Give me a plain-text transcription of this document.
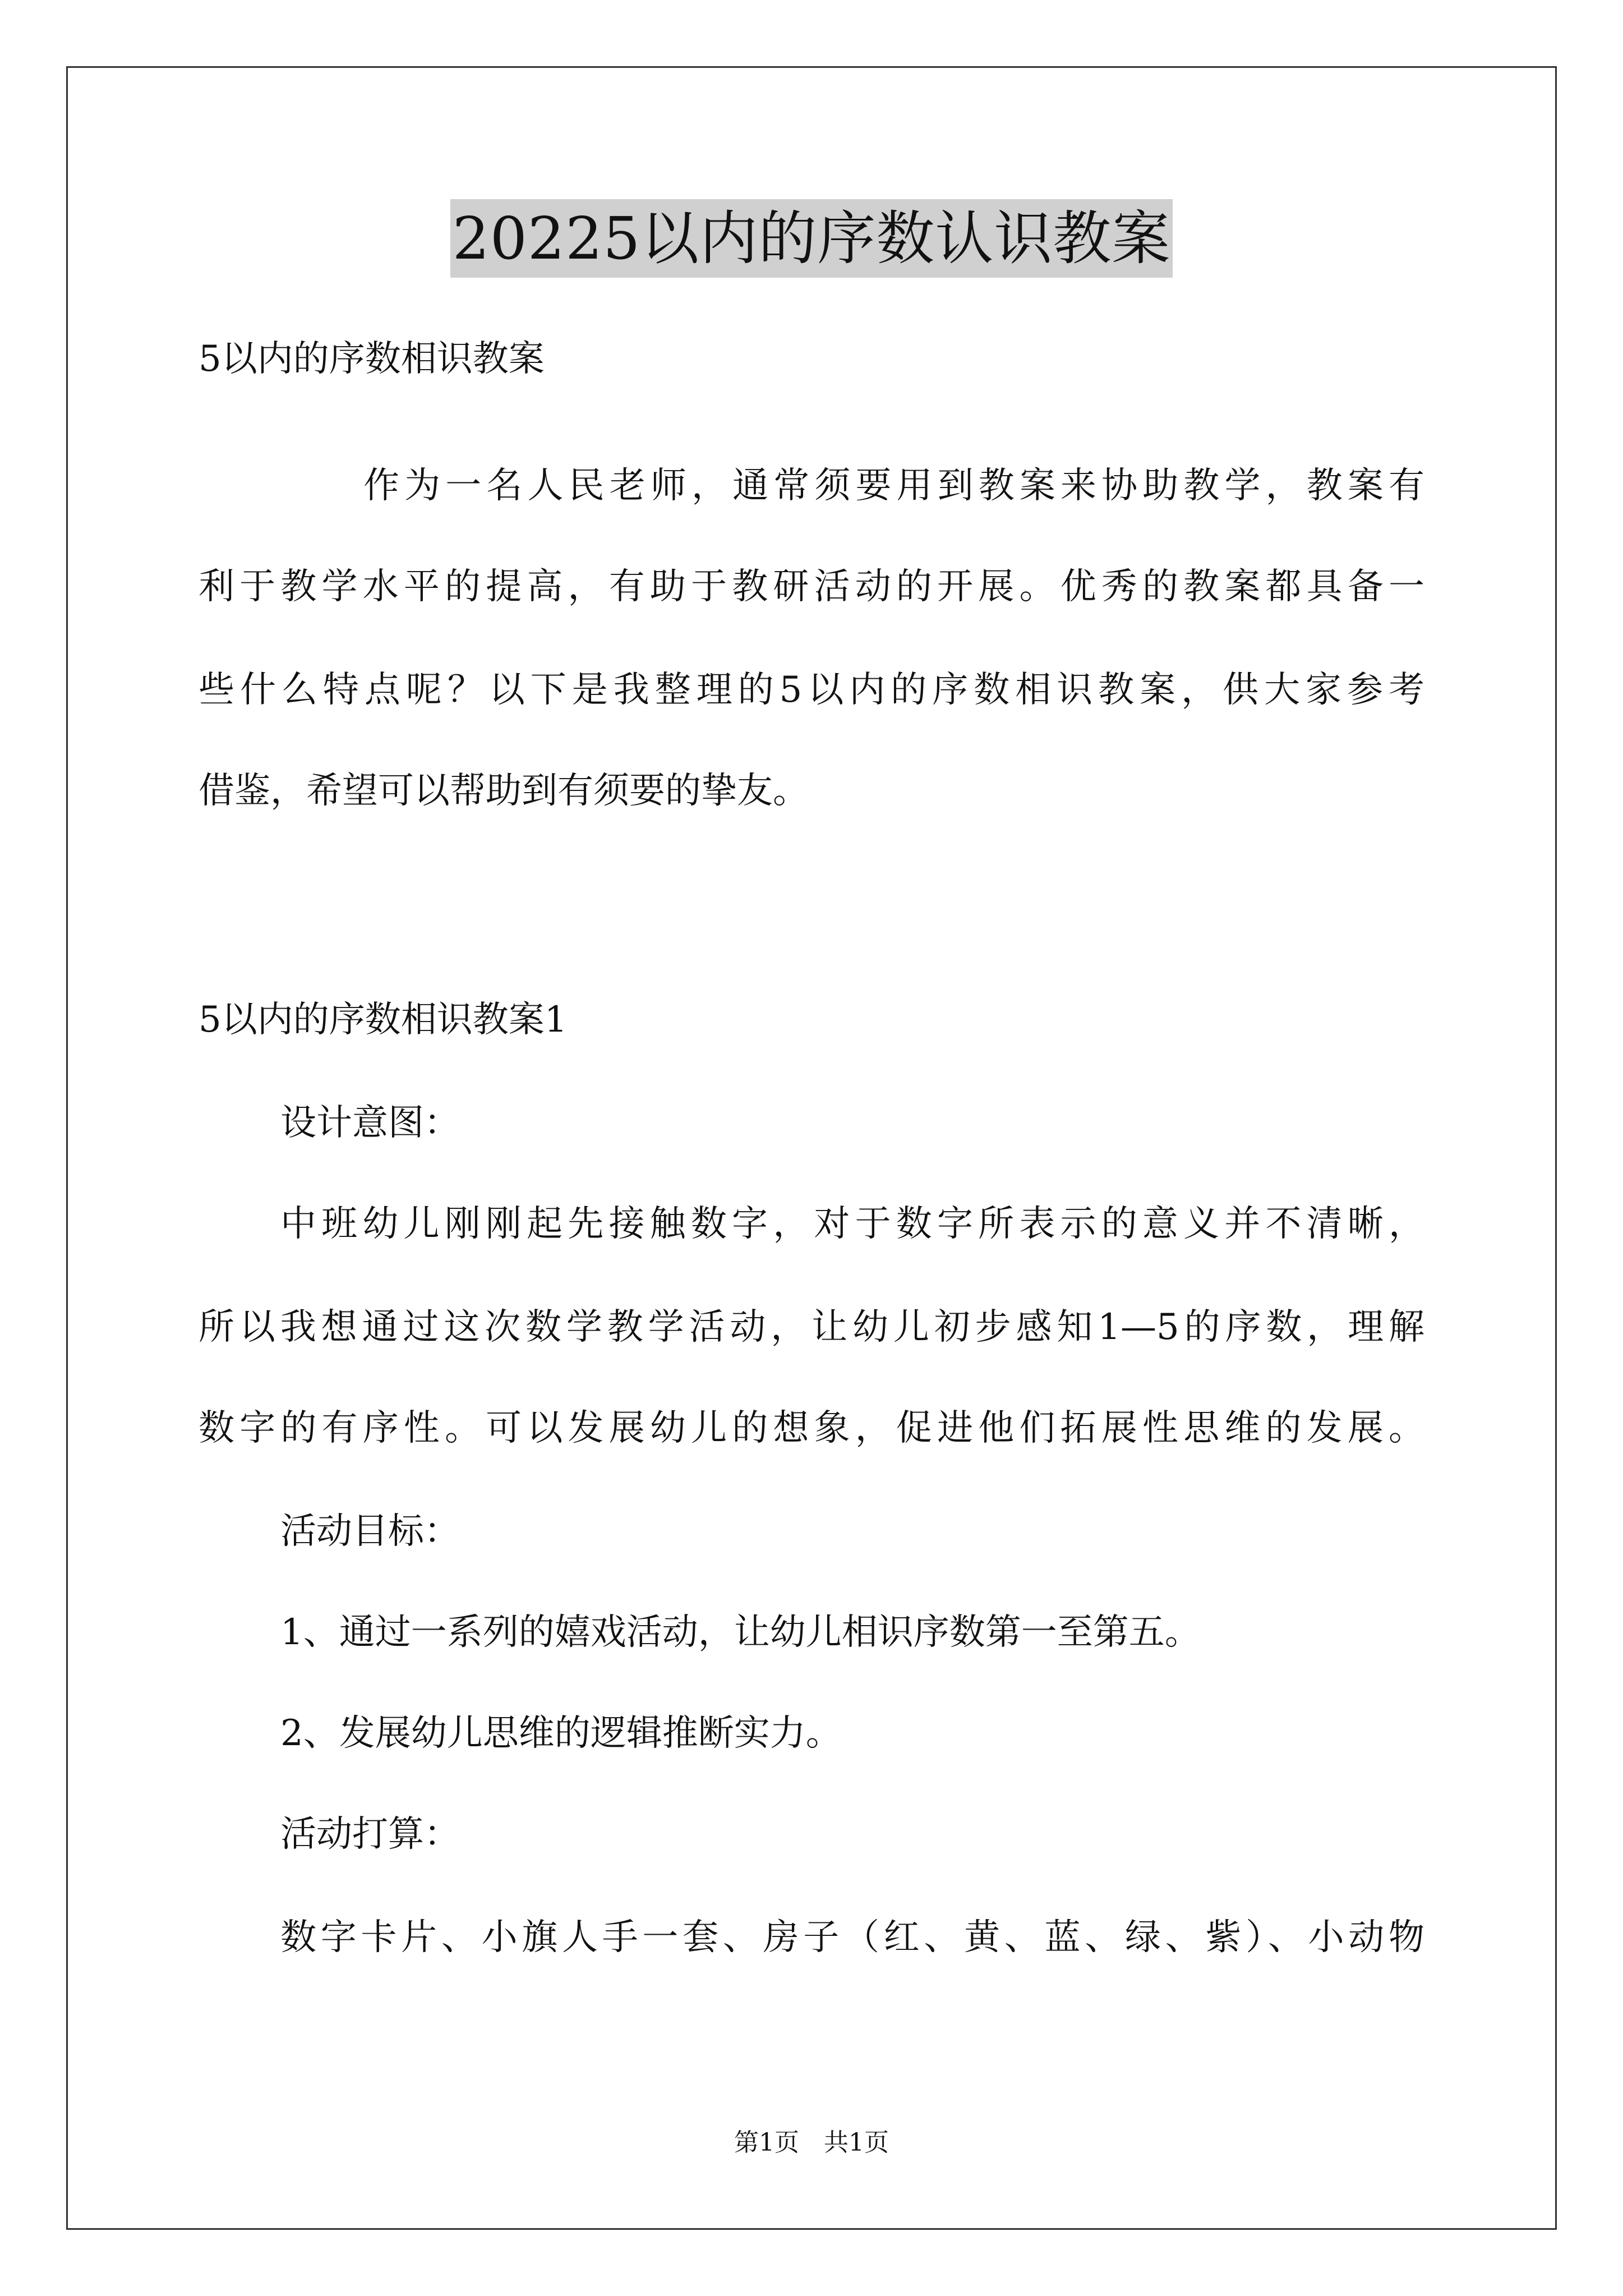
20225以内的序数认识教案
5以内的序数相识教案
作为一名人民老师，通常须要用到教案来协助教学，教案有
利于教学水平的提高，有助于教研活动的开展。优秀的教案都具备一
些什么特点呢？以下是我整理的5以内的序数相识教案，供大家参考
借鉴，希望可以帮助到有须要的挚友。
5以内的序数相识教案1
设计意图：
中班幼儿刚刚起先接触数字，对于数字所表示的意义并不清晰，
所以我想通过这次数学教学活动，让幼儿初步感知1—5的序数，理解
数字的有序性。可以发展幼儿的想象，促进他们拓展性思维的发展。
活动目标：
1、通过一系列的嬉戏活动，让幼儿相识序数第一至第五。
2、发展幼儿思维的逻辑推断实力。
活动打算：
数字卡片、小旗人手一套、房子（红、黄、蓝、绿、紫）、小动物
第1页　共1页
